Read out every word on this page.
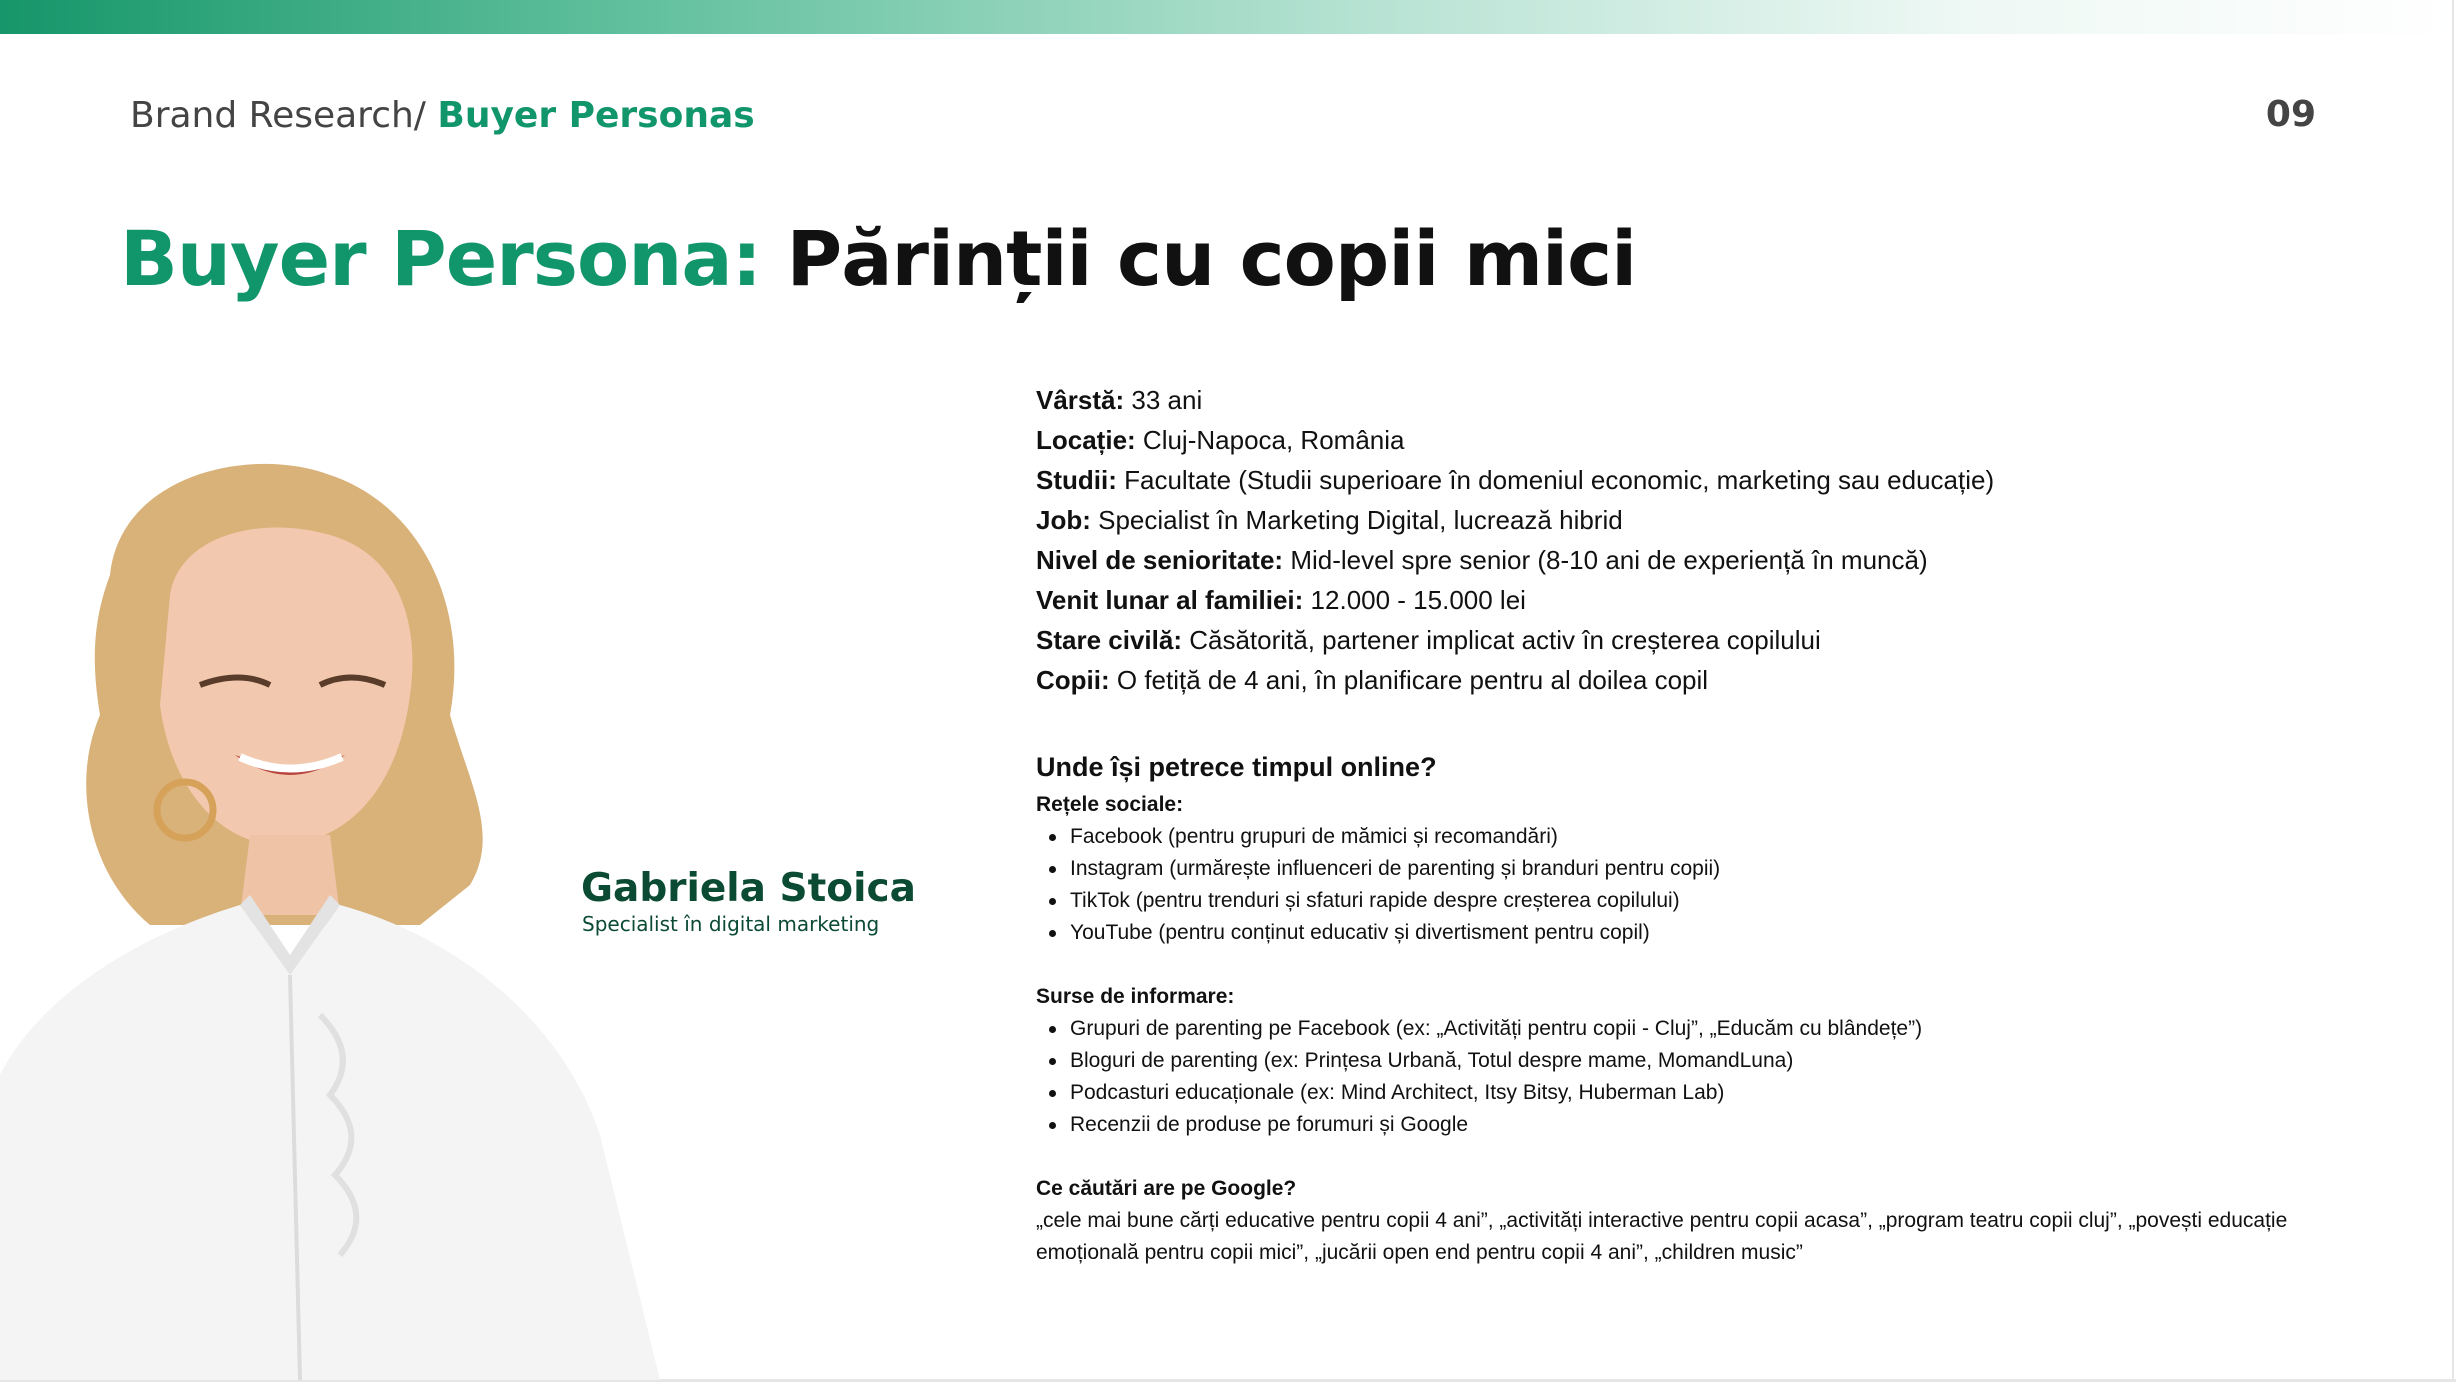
Brand Research/ Buyer Personas	09
Buyer Persona: Părinții cu copii mici
Gabriela Stoica
Specialist în digital marketing
Vârstă: 33 ani
Locație: Cluj-Napoca, România
Studii: Facultate (Studii superioare în domeniul economic, marketing sau educație)
Job: Specialist în Marketing Digital, lucrează hibrid
Nivel de senioritate: Mid-level spre senior (8-10 ani de experiență în muncă)
Venit lunar al familiei: 12.000 - 15.000 lei
Stare civilă: Căsătorită, partener implicat activ în creșterea copilului
Copii: O fetiță de 4 ani, în planificare pentru al doilea copil
Unde își petrece timpul online?
Rețele sociale:
Facebook (pentru grupuri de mămici și recomandări)
Instagram (urmărește influenceri de parenting și branduri pentru copii)
TikTok (pentru trenduri și sfaturi rapide despre creșterea copilului)
YouTube (pentru conținut educativ și divertisment pentru copil)
Surse de informare:
Grupuri de parenting pe Facebook (ex: „Activități pentru copii - Cluj”, „Educăm cu blândețe”)
Bloguri de parenting (ex: Prințesa Urbană, Totul despre mame, MomandLuna)
Podcasturi educaționale (ex: Mind Architect, Itsy Bitsy, Huberman Lab)
Recenzii de produse pe forumuri și Google
Ce căutări are pe Google?

„cele mai bune cărți educative pentru copii 4 ani”, „activități interactive pentru copii acasa”, „program teatru copii cluj”, „povești educație emoțională pentru copii mici”, „jucării open end pentru copii 4 ani”, „children music”
